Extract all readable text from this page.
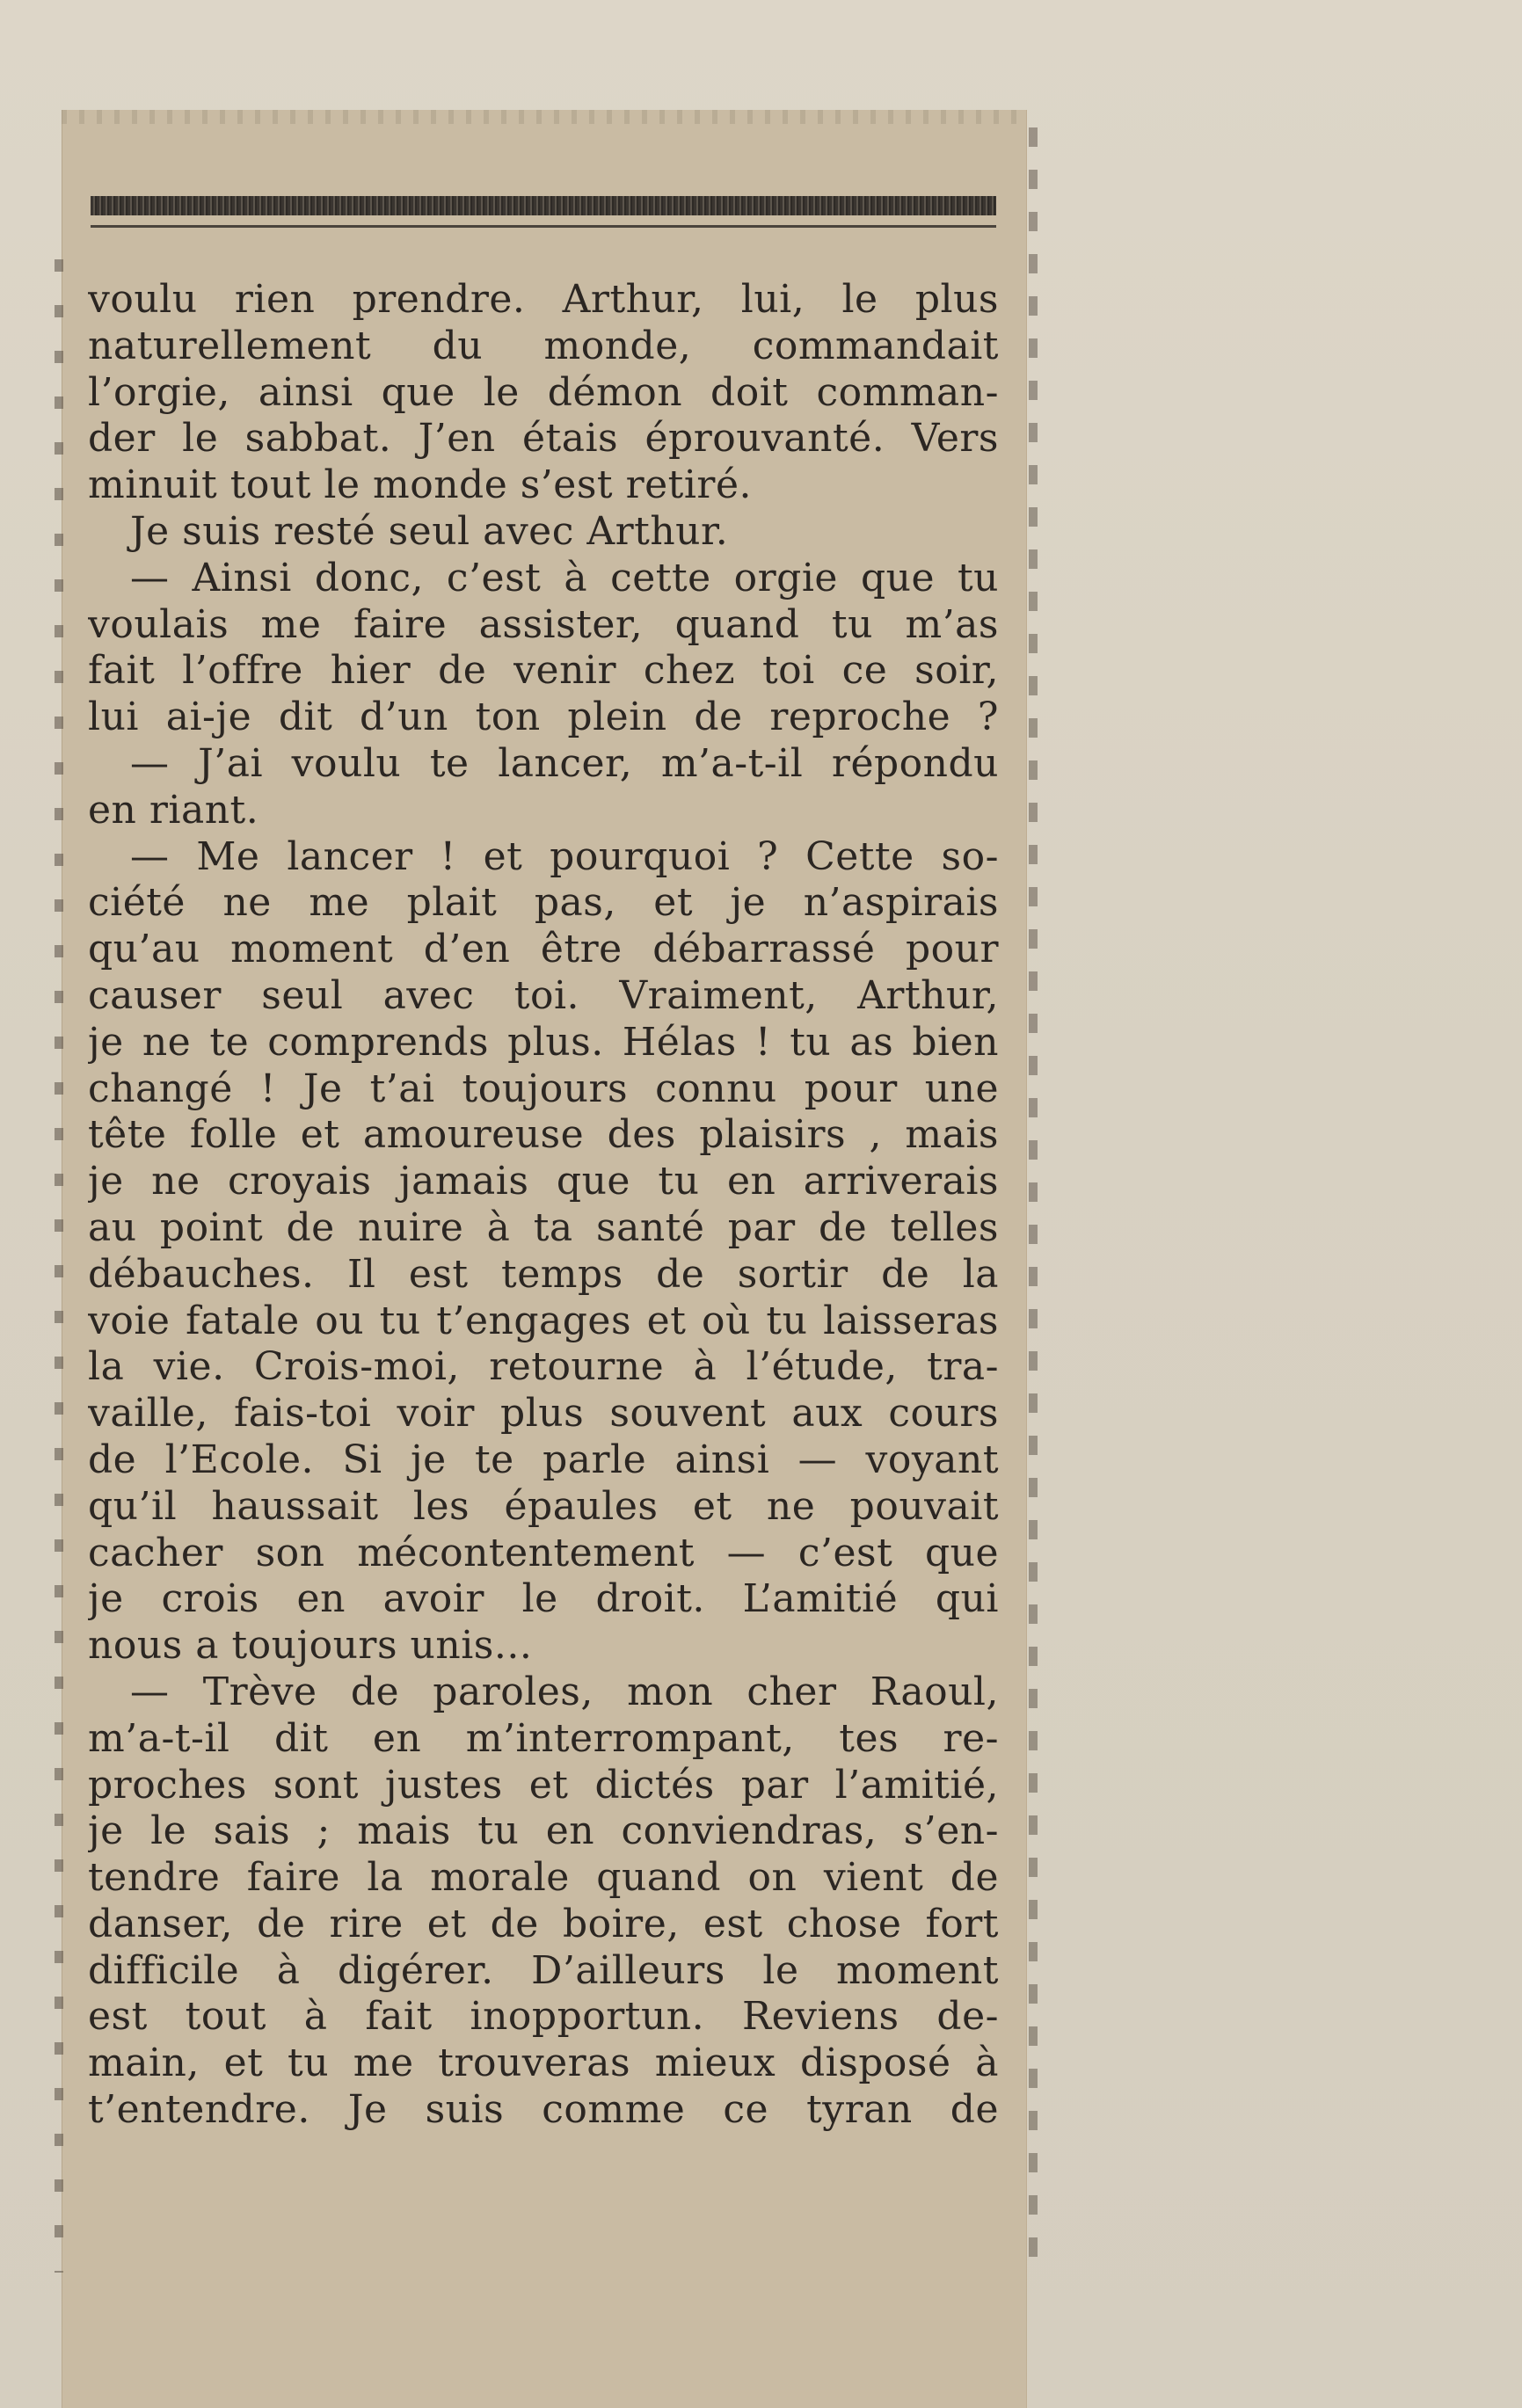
voulu rien prendre. Arthur, lui, le plus
naturellement du monde, commandait
l’orgie, ainsi que le démon doit comman-
der le sabbat. J’en étais éprouvanté. Vers
minuit tout le monde s’est retiré.
Je suis resté seul avec Arthur.
— Ainsi donc, c’est à cette orgie que tu
voulais me faire assister, quand tu m’as
fait l’offre hier de venir chez toi ce soir,
lui ai-je dit d’un ton plein de reproche ?
— J’ai voulu te lancer, m’a-t-il répondu
en riant.
— Me lancer ! et pourquoi ? Cette so-
ciété ne me plait pas, et je n’aspirais
qu’au moment d’en être débarrassé pour
causer seul avec toi. Vraiment, Arthur,
je ne te comprends plus. Hélas ! tu as bien
changé ! Je t’ai toujours connu pour une
tête folle et amoureuse des plaisirs , mais
je ne croyais jamais que tu en arriverais
au point de nuire à ta santé par de telles
débauches. Il est temps de sortir de la
voie fatale ou tu t’engages et où tu laisseras
la vie. Crois-moi, retourne à l’étude, tra-
vaille, fais-toi voir plus souvent aux cours
de l’Ecole. Si je te parle ainsi — voyant
qu’il haussait les épaules et ne pouvait
cacher son mécontentement — c’est que
je crois en avoir le droit. L’amitié qui
nous a toujours unis...
— Trève de paroles, mon cher Raoul,
m’a-t-il dit en m’interrompant, tes re-
proches sont justes et dictés par l’amitié,
je le sais ; mais tu en conviendras, s’en-
tendre faire la morale quand on vient de
danser, de rire et de boire, est chose fort
difficile à digérer. D’ailleurs le moment
est tout à fait inopportun. Reviens de-
main, et tu me trouveras mieux disposé à
t’entendre. Je suis comme ce tyran de
